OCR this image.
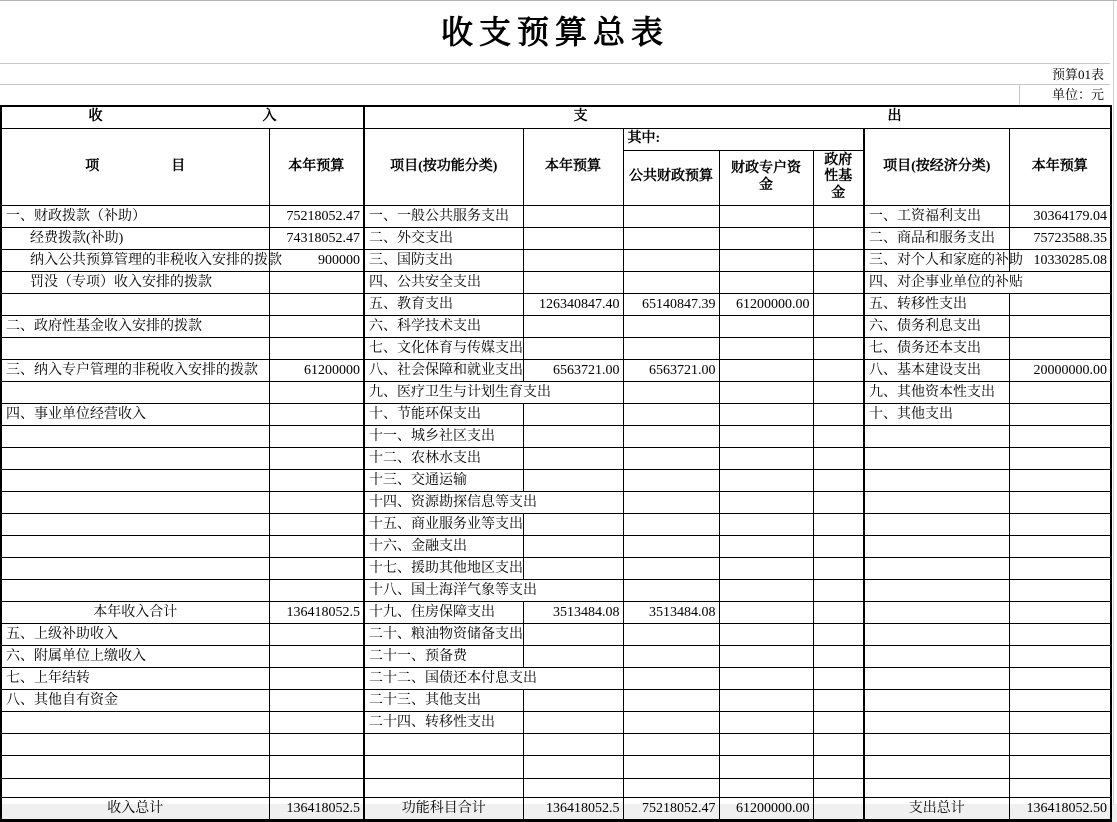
收支预算总表
预算01表
单位：元
收 入		支 出						

项 目	本年预算	项目(按功能分类)	本年预算	其中:			项目(按经济分类)	本年预算
				公共财政预算	财政专户资金	政府性基金		
一、财政拨款（补助）	75218052.47	一、一般公共服务支出					一、工资福利支出	30364179.04
经费拨款(补助)	74318052.47	二、外交支出					二、商品和服务支出	75723588.35
纳入公共预算管理的非税收入安排的拨款	900000	三、国防支出					三、对个人和家庭的补助	10330285.08
罚没（专项）收入安排的拨款		四、公共安全支出					四、对企事业单位的补贴	
		五、教育支出	126340847.40	65140847.39	61200000.00		五、转移性支出	
二、政府性基金收入安排的拨款		六、科学技术支出					六、债务利息支出	
		七、文化体育与传媒支出					七、债务还本支出	
三、纳入专户管理的非税收入安排的拨款	61200000	八、社会保障和就业支出	6563721.00	6563721.00			八、基本建设支出	20000000.00
		九、医疗卫生与计划生育支出					九、其他资本性支出	
四、事业单位经营收入		十、节能环保支出					十、其他支出	
		十一、城乡社区支出						
		十二、农林水支出						
		十三、交通运输						
		十四、资源勘探信息等支出						
		十五、商业服务业等支出						
		十六、金融支出						
		十七、援助其他地区支出						
		十八、国土海洋气象等支出						
本年收入合计	136418052.5	十九、住房保障支出	3513484.08	3513484.08				
五、上级补助收入		二十、粮油物资储备支出						
六、附属单位上缴收入		二十一、预备费						
七、上年结转		二十二、国债还本付息支出						
八、其他自有资金		二十三、其他支出						
		二十四、转移性支出						

收入总计	136418052.5	功能科目合计	136418052.5	75218052.47	61200000.00		支出总计	136418052.50
